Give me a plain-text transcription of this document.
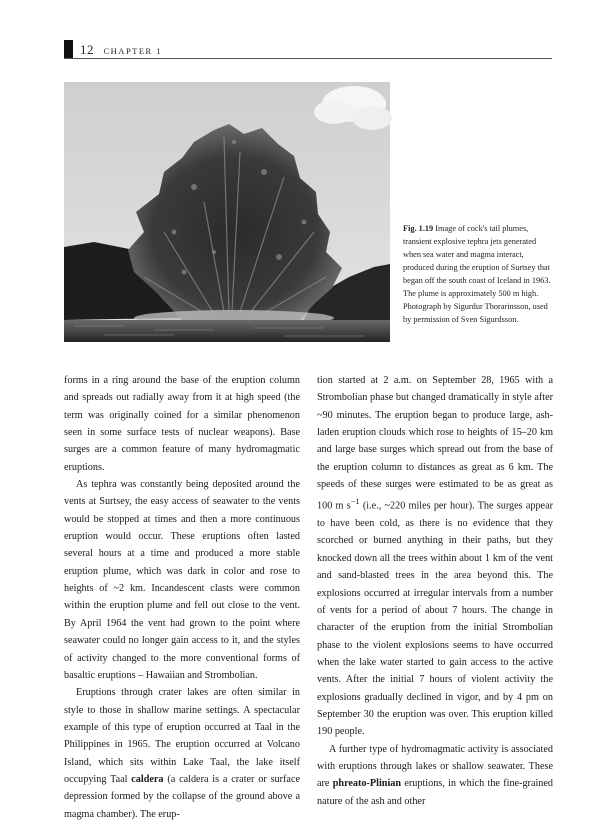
12 CHAPTER 1
Fig. 1.19 Image of cock's tail plumes, transient explosive tephra jets generated when sea water and magma interact, produced during the eruption of Surtsey that began off the south coast of Iceland in 1963. The plume is approximately 500 m high. Photograph by Sigurdur Thorarinsson, used by permission of Sven Sigurdsson.

forms in a ring around the base of the eruption column and spreads out radially away from it at high speed (the term was originally coined for a similar phenomenon seen in some surface tests of nuclear weapons). Base surges are a common feature of many hydromagmatic eruptions.

As tephra was constantly being deposited around the vents at Surtsey, the easy access of seawater to the vents would be stopped at times and then a more continuous eruption would occur. These eruptions often lasted several hours at a time and produced a more stable eruption plume, which was dark in color and rose to heights of ~2 km. Incandescent clasts were common within the eruption plume and fell out close to the vent. By April 1964 the vent had grown to the point where seawater could no longer gain access to it, and the styles of activity changed to the more conventional forms of basaltic eruptions – Hawaiian and Strombolian.

Eruptions through crater lakes are often similar in style to those in shallow marine settings. A spectacular example of this type of eruption occurred at Taal in the Philippines in 1965. The eruption occurred at Volcano Island, which sits within Lake Taal, the lake itself occupying Taal caldera (a caldera is a crater or surface depression formed by the collapse of the ground above a magma chamber). The erup-

tion started at 2 a.m. on September 28, 1965 with a Strombolian phase but changed dramatically in style after ~90 minutes. The eruption began to produce large, ash-laden eruption clouds which rose to heights of 15–20 km and large base surges which spread out from the base of the eruption column to distances as great as 6 km. The speeds of these surges were estimated to be as great as 100 m $s^{-1}$ (i.e., ~220 miles per hour). The surges appear to have been cold, as there is no evidence that they scorched or burned anything in their paths, but they knocked down all the trees within about 1 km of the vent and sand-blasted trees in the area beyond this. The explosions occurred at irregular intervals from a number of vents for a period of about 7 hours. The change in character of the eruption from the initial Strombolian phase to the violent explosions seems to have occurred when the lake water started to gain access to the active vents. After the initial 7 hours of violent activity the explosions gradually declined in vigor, and by 4 pm on September 30 the eruption was over. This eruption killed 190 people.

A further type of hydromagmatic activity is associated with eruptions through lakes or shallow seawater. These are phreato-Plinian eruptions, in which the fine-grained nature of the ash and other
